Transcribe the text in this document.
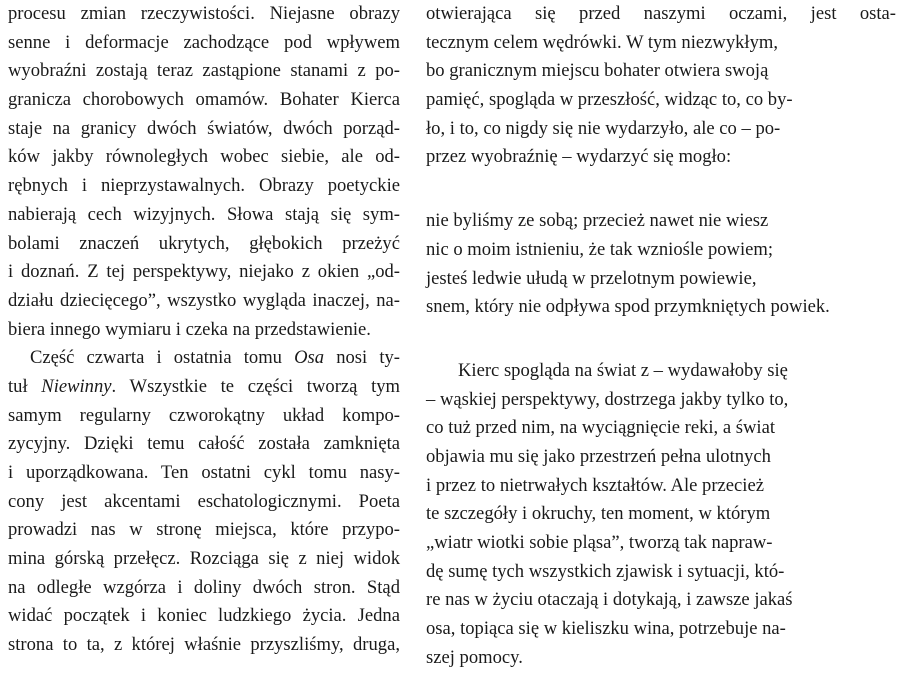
procesu zmian rzeczywistości. Niejasne obrazy
senne i deformacje zachodzące pod wpływem
wyobraźni zostają teraz zastąpione stanami z po-
granicza chorobowych omamów. Bohater Kierca
staje na granicy dwóch światów, dwóch porząd-
ków jakby równoległych wobec siebie, ale od-
rębnych i nieprzystawalnych. Obrazy poetyckie
nabierają cech wizyjnych. Słowa stają się sym-
bolami znaczeń ukrytych, głębokich przeżyć
i doznań. Z tej perspektywy, niejako z okien „od-
działu dziecięcego”, wszystko wygląda inaczej, na-
biera innego wymiaru i czeka na przedstawienie.
Część czwarta i ostatnia tomu Osa nosi ty-
tuł Niewinny. Wszystkie te części tworzą tym
samym regularny czworokątny układ kompo-
zycyjny. Dzięki temu całość została zamknięta
i uporządkowana. Ten ostatni cykl tomu nasy-
cony jest akcentami eschatologicznymi. Poeta
prowadzi nas w stronę miejsca, które przypo-
mina górską przełęcz. Rozciąga się z niej widok
na odległe wzgórza i doliny dwóch stron. Stąd
widać początek i koniec ludzkiego życia. Jedna
strona to ta, z której właśnie przyszliśmy, druga,
otwierająca się przed naszymi oczami, jest osta-
tecznym celem wędrówki. W tym niezwykłym,
bo granicznym miejscu bohater otwiera swoją
pamięć, spogląda w przeszłość, widząc to, co by-
ło, i to, co nigdy się nie wydarzyło, ale co – po-
przez wyobraźnię – wydarzyć się mogło:
nie byliśmy ze sobą; przecież nawet nie wiesz
nic o moim istnieniu, że tak wzniośle powiem;
jesteś ledwie ułudą w przelotnym powiewie,
snem, który nie odpływa spod przymkniętych powiek.
Kierc spogląda na świat z – wydawałoby się
– wąskiej perspektywy, dostrzega jakby tylko to,
co tuż przed nim, na wyciągnięcie reki, a świat
objawia mu się jako przestrzeń pełna ulotnych
i przez to nietrwałych kształtów. Ale przecież
te szczegóły i okruchy, ten moment, w którym
„wiatr wiotki sobie pląsa”, tworzą tak napraw-
dę sumę tych wszystkich zjawisk i sytuacji, któ-
re nas w życiu otaczają i dotykają, i zawsze jakaś
osa, topiąca się w kieliszku wina, potrzebuje na-
szej pomocy.
